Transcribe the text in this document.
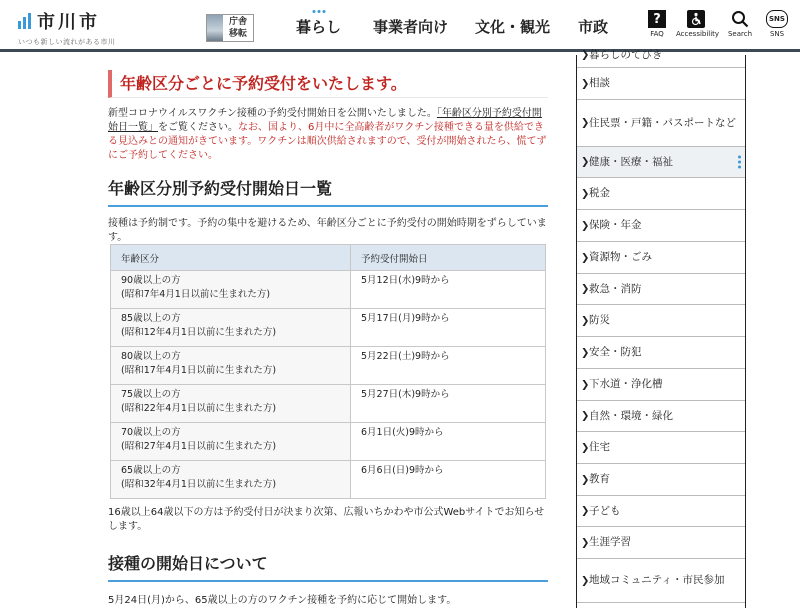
市川市
いつも新しい流れがある市川
庁舎
移転	暮らし 事業者向け 文化・観光 市政	?
FAQ	Accessibility Search
SNS
SNS
年齢区分ごとに予約受付をいたします。
新型コロナウイルスワクチン接種の予約受付開始日を公開いたしました。「年齢区分別予約受付開始日一覧」をご覧ください。なお、国より、6月中に全高齢者がワクチン接種できる量を供給できる見込みとの通知がきています。ワクチンは順次供給されますので、受付が開始されたら、慌てずにご予約してください。
年齢区分別予約受付開始日一覧
接種は予約制です。予約の集中を避けるため、年齢区分ごとに予約受付の開始時期をずらしています。
年齢区分	予約受付開始日

90歳以上の方
(昭和7年4月1日以前に生まれた方)	5月12日(水)9時から

85歳以上の方
(昭和12年4月1日以前に生まれた方)	5月17日(月)9時から

80歳以上の方
(昭和17年4月1日以前に生まれた方)	5月22日(土)9時から

75歳以上の方
(昭和22年4月1日以前に生まれた方)	5月27日(木)9時から

70歳以上の方
(昭和27年4月1日以前に生まれた方)	6月1日(火)9時から

65歳以上の方
(昭和32年4月1日以前に生まれた方)	6月6日(日)9時から
16歳以上64歳以下の方は予約受付日が決まり次第、広報いちかわや市公式Webサイトでお知らせします。
接種の開始日について
5月24日(月)から、65歳以上の方のワクチン接種を予約に応じて開始します。
❯ 暮らしのてびき
❯ 相談
❯ 住民票・戸籍・パスポートなど
❯ 健康・医療・福祉
❯ 税金
❯ 保険・年金
❯ 資源物・ごみ
❯ 救急・消防
❯ 防災
❯ 安全・防犯
❯ 下水道・浄化槽
❯ 自然・環境・緑化
❯ 住宅
❯ 教育
❯ 子ども
❯ 生涯学習
❯ 地域コミュニティ・市民参加
